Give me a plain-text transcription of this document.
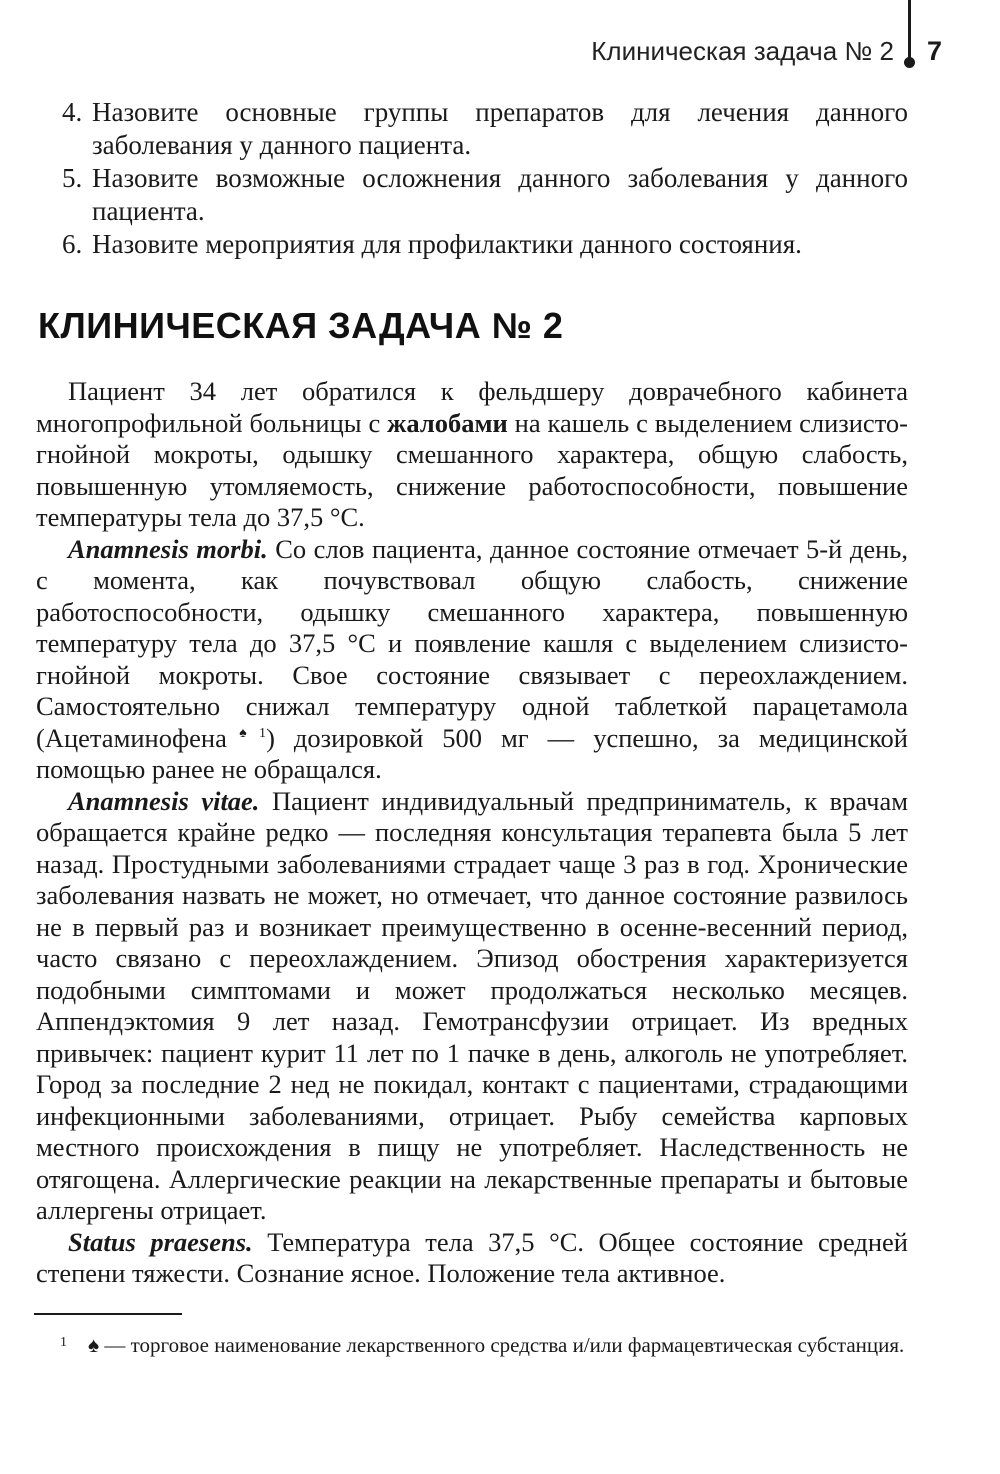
Клиническая задача № 2 7
4. Назовите основные группы препаратов для лечения данного заболевания у данного пациента.
5. Назовите возможные осложнения данного заболевания у данного пациента.
6. Назовите мероприятия для профилактики данного состояния.
КЛИНИЧЕСКАЯ ЗАДАЧА № 2

Пациент 34 лет обратился к фельдшеру доврачебного кабинета многопрофильной больницы с жалобами на кашель с выделением слизисто-гнойной мокроты, одышку смешанного характера, общую слабость, повышенную утомляемость, снижение работоспособности, повышение температуры тела до 37,5 °С.

Anamnesis morbi. Со слов пациента, данное состояние отмечает 5-й день, с момента, как почувствовал общую слабость, снижение работоспособности, одышку смешанного характера, повышенную температуру тела до 37,5 °С и появление кашля с выделением слизисто-гнойной мокроты. Свое состояние связывает с переохлаждением. Самостоятельно снижал температуру одной таблеткой парацетамола (Ацетаминофена$^{♠1}$) дозировкой 500 мг — успешно, за медицинской помощью ранее не обращался.

Anamnesis vitae. Пациент индивидуальный предприниматель, к врачам обращается крайне редко — последняя консультация терапевта была 5 лет назад. Простудными заболеваниями страдает чаще 3 раз в год. Хронические заболевания назвать не может, но отмечает, что данное состояние развилось не в первый раз и возникает преимущественно в осенне-весенний период, часто связано с переохлаждением. Эпизод обострения характеризуется подобными симптомами и может продолжаться несколько месяцев. Аппендэктомия 9 лет назад. Гемотрансфузии отрицает. Из вредных привычек: пациент курит 11 лет по 1 пачке в день, алкоголь не употребляет. Город за последние 2 нед не покидал, контакт с пациентами, страдающими инфекционными заболеваниями, отрицает. Рыбу семейства карповых местного происхождения в пищу не употребляет. Наследственность не отягощена. Аллергические реакции на лекарственные препараты и бытовые аллергены отрицает.

Status praesens. Температура тела 37,5 °С. Общее состояние средней степени тяжести. Сознание ясное. Положение тела активное.

1 ♠ — торговое наименование лекарственного средства и/или фармацевтическая субстанция.
